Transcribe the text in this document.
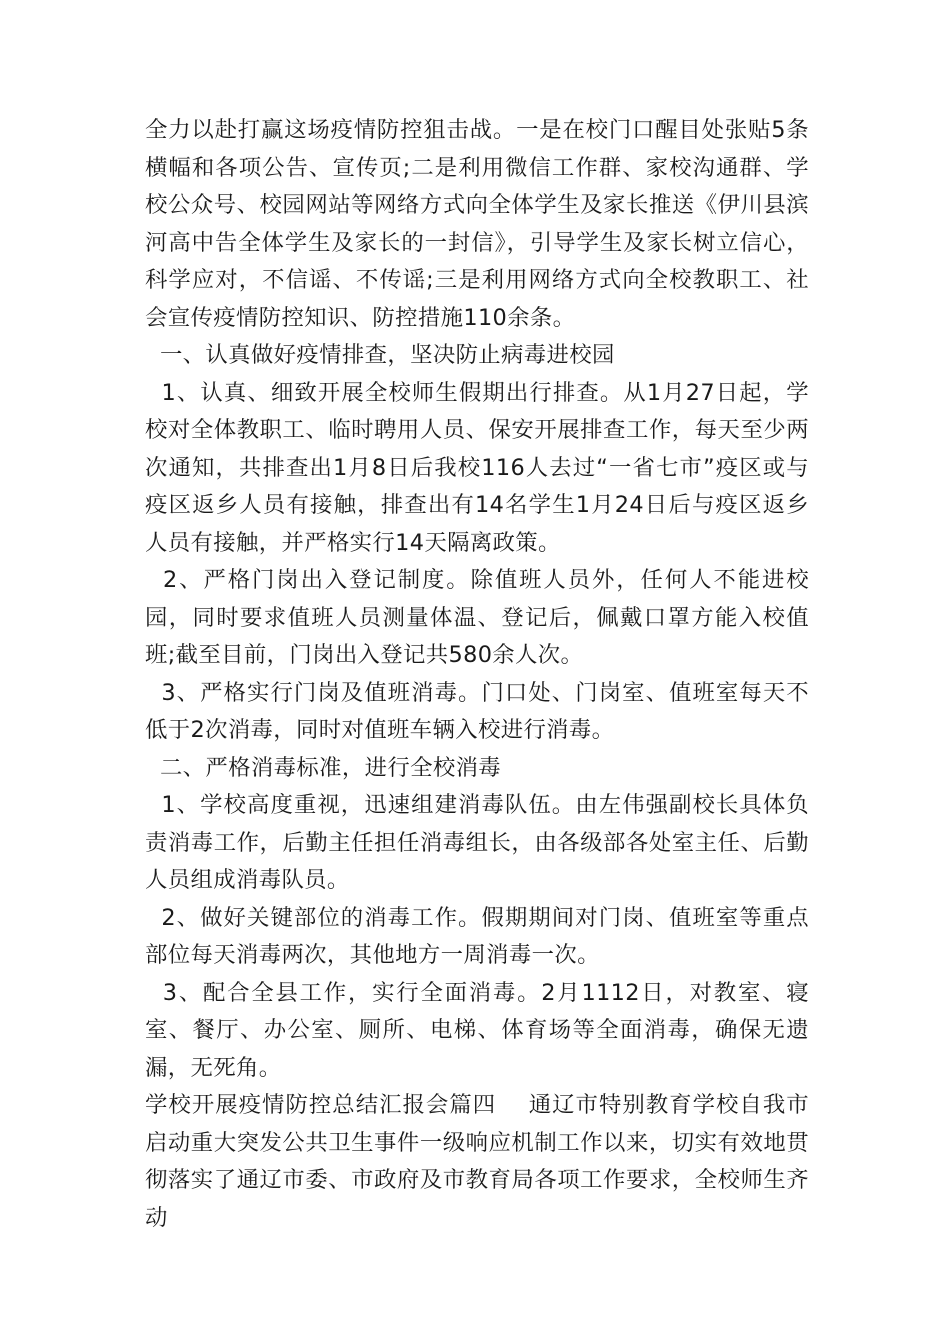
全力以赴打赢这场疫情防控狙击战。一是在校门口醒目处张贴5条横幅和各项公告、宣传页;二是利用微信工作群、家校沟通群、学校公众号、校园网站等网络方式向全体学生及家长推送《伊川县滨河高中告全体学生及家长的一封信》，引导学生及家长树立信心，科学应对，不信谣、不传谣;三是利用网络方式向全校教职工、社会宣传疫情防控知识、防控措施110余条。

一、认真做好疫情排查，坚决防止病毒进校园

1、认真、细致开展全校师生假期出行排查。从1月27日起，学校对全体教职工、临时聘用人员、保安开展排查工作，每天至少两次通知，共排查出1月8日后我校116人去过“一省七市”疫区或与疫区返乡人员有接触，排查出有14名学生1月24日后与疫区返乡人员有接触，并严格实行14天隔离政策。

2、严格门岗出入登记制度。除值班人员外，任何人不能进校园，同时要求值班人员测量体温、登记后，佩戴口罩方能入校值班;截至目前，门岗出入登记共580余人次。

3、严格实行门岗及值班消毒。门口处、门岗室、值班室每天不低于2次消毒，同时对值班车辆入校进行消毒。

二、严格消毒标准，进行全校消毒

1、学校高度重视，迅速组建消毒队伍。由左伟强副校长具体负责消毒工作，后勤主任担任消毒组长，由各级部各处室主任、后勤人员组成消毒队员。

2、做好关键部位的消毒工作。假期期间对门岗、值班室等重点部位每天消毒两次，其他地方一周消毒一次。

3、配合全县工作，实行全面消毒。2月1112日，对教室、寝室、餐厅、办公室、厕所、电梯、体育场等全面消毒，确保无遗漏，无死角。

学校开展疫情防控总结汇报会篇四    通辽市特别教育学校自我市启动重大突发公共卫生事件一级响应机制工作以来，切实有效地贯彻落实了通辽市委、市政府及市教育局各项工作要求，全校师生齐动
